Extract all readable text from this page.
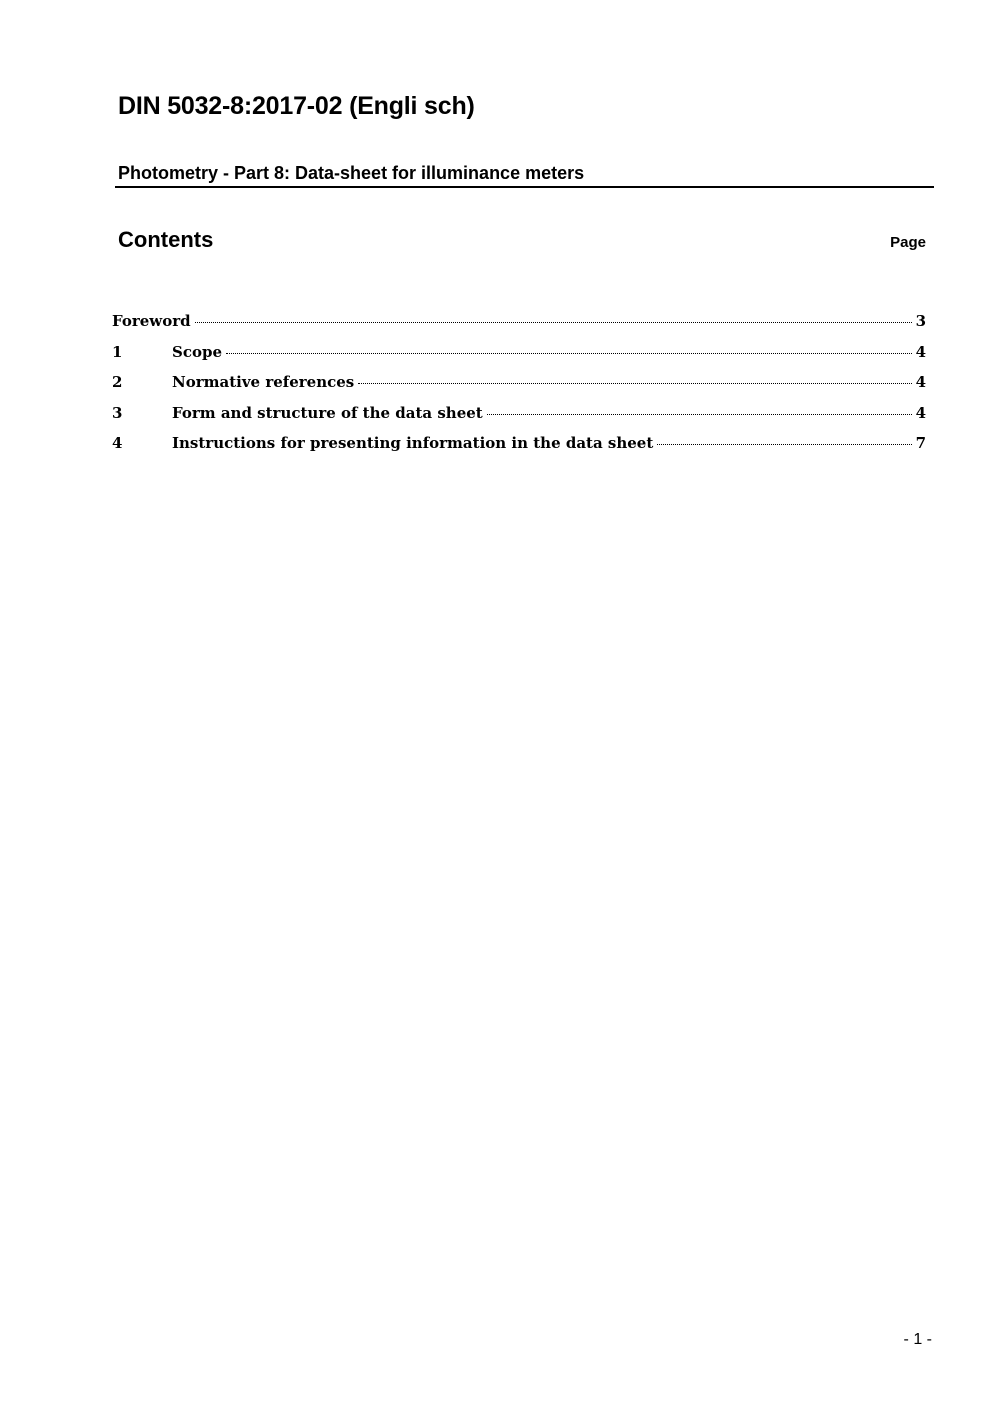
DIN 5032-8:2017-02 (Engli sch)
Photometry - Part 8: Data-sheet for illuminance meters
Contents	Page
Foreword	3
1	Scope	4
2	Normative references	4
3	Form and structure of the data sheet	4
4	Instructions for presenting information in the data sheet	7
- 1 -
